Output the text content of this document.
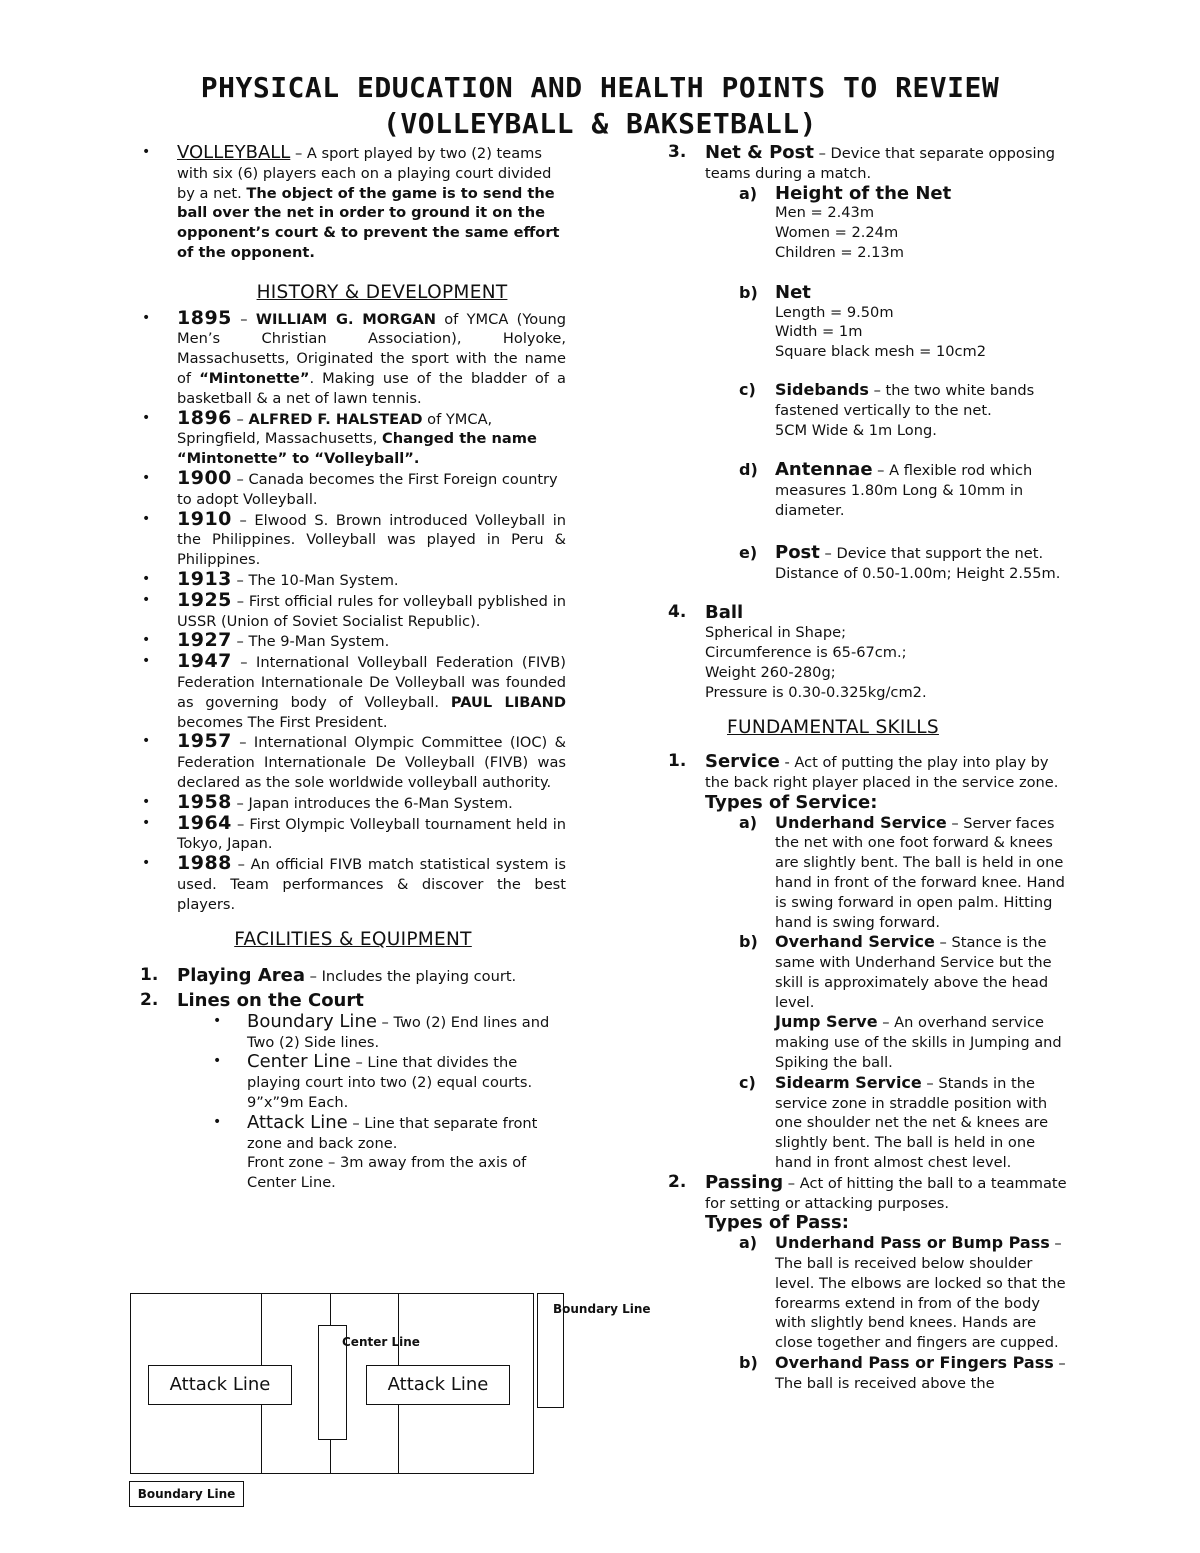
PHYSICAL EDUCATION AND HEALTH POINTS TO REVIEW
(VOLLEYBALL & BAKSETBALL)
• VOLLEYBALL – A sport played by two (2) teams with six (6) players each on a playing court divided by a net. The object of the game is to send the ball over the net in order to ground it on the opponent’s court & to prevent the same effort of the opponent.
HISTORY & DEVELOPMENT
• 1895 – WILLIAM G. MORGAN of YMCA (Young Men’s Christian Association), Holyoke, Massachusetts, Originated the sport with the name of “Mintonette”. Making use of the bladder of a basketball & a net of lawn tennis.
• 1896 – ALFRED F. HALSTEAD of YMCA, Springfield, Massachusetts, Changed the name “Mintonette” to “Volleyball”.
• 1900 – Canada becomes the First Foreign country to adopt Volleyball.
• 1910 – Elwood S. Brown introduced Volleyball in the Philippines. Volleyball was played in Peru & Philippines.
• 1913 – The 10-Man System.
• 1925 – First official rules for volleyball pyblished in USSR (Union of Soviet Socialist Republic).
• 1927 – The 9-Man System.
• 1947 – International Volleyball Federation (FIVB) Federation Internationale De Volleyball was founded as governing body of Volleyball. PAUL LIBAND becomes The First President.
• 1957 – International Olympic Committee (IOC) & Federation Internationale De Volleyball (FIVB) was declared as the sole worldwide volleyball authority.
• 1958 – Japan introduces the 6-Man System.
• 1964 – First Olympic Volleyball tournament held in Tokyo, Japan.
• 1988 – An official FIVB match statistical system is used. Team performances & discover the best players.
FACILITIES & EQUIPMENT
1. Playing Area – Includes the playing court.
2. Lines on the Court
• Boundary Line – Two (2) End lines and Two (2) Side lines.
• Center Line – Line that divides the playing court into two (2) equal courts. 9”x”9m Each.
• Attack Line – Line that separate front zone and back zone.
Front zone – 3m away from the axis of Center Line.
Attack Line	Attack Line
Center Line
Boundary Line
Boundary Line
3. Net & Post – Device that separate opposing teams during a match.
a) Height of the Net
Men = 2.43m
Women = 2.24m
Children = 2.13m
b) Net
Length = 9.50m
Width = 1m
Square black mesh = 10cm2
c) Sidebands – the two white bands fastened vertically to the net.
5CM Wide & 1m Long.
d) Antennae – A flexible rod which measures 1.80m Long & 10mm in diameter.
e) Post – Device that support the net.
Distance of 0.50-1.00m; Height 2.55m.
4. Ball
Spherical in Shape;
Circumference is 65-67cm.;
Weight 260-280g;
Pressure is 0.30-0.325kg/cm2.
FUNDAMENTAL SKILLS
1. Service - Act of putting the play into play by the back right player placed in the service zone.
Types of Service:
a) Underhand Service – Server faces the net with one foot forward & knees are slightly bent. The ball is held in one hand in front of the forward knee. Hand is swing forward in open palm. Hitting hand is swing forward.
b) Overhand Service – Stance is the same with Underhand Service but the skill is approximately above the head level.
Jump Serve – An overhand service making use of the skills in Jumping and Spiking the ball.
c) Sidearm Service – Stands in the service zone in straddle position with one shoulder net the net & knees are slightly bent. The ball is held in one hand in front almost chest level.
2. Passing – Act of hitting the ball to a teammate for setting or attacking purposes.
Types of Pass:
a) Underhand Pass or Bump Pass – The ball is received below shoulder level. The elbows are locked so that the forearms extend in from of the body with slightly bend knees. Hands are close together and fingers are cupped.
b) Overhand Pass or Fingers Pass – The ball is received above the
